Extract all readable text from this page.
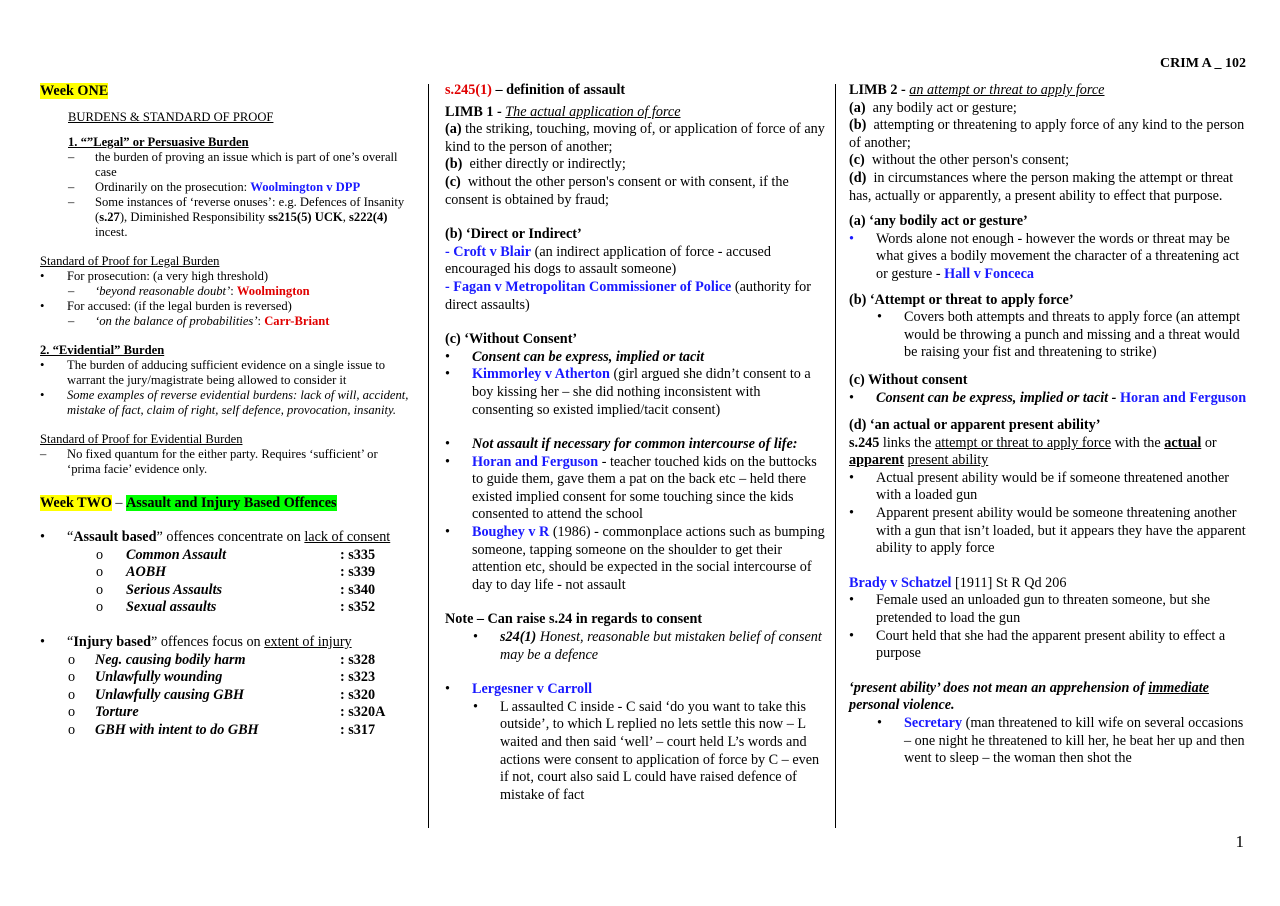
CRIM A _ 102

Week ONE

BURDENS & STANDARD OF PROOF

1. “”Legal” or Persuasive Burden

– the burden of proving an issue which is part of one’s overall case
– Ordinarily on the prosecution: Woolmington v DPP
– Some instances of ‘reverse onuses’: e.g. Defences of Insanity (s.27), Diminished Responsibility ss215(5) UCK, s222(4) incest.

Standard of Proof for Legal Burden

• For prosecution: (a very high threshold)
– ‘beyond reasonable doubt’: Woolmington
• For accused: (if the legal burden is reversed)
– ‘on the balance of probabilities’: Carr-Briant

2. “Evidential” Burden

• The burden of adducing sufficient evidence on a single issue to warrant the jury/magistrate being allowed to consider it
• Some examples of reverse evidential burdens: lack of will, accident, mistake of fact, claim of right, self defence, provocation, insanity.

Standard of Proof for Evidential Burden

– No fixed quantum for the either party. Requires ‘sufficient’ or ‘prima facie’ evidence only.

Week TWO – Assault and Injury Based Offences

• “Assault based” offences concentrate on lack of consent
o Common Assault	: s335
o AOBH	: s339
o Serious Assaults	: s340
o Sexual assaults	: s352
• “Injury based” offences focus on extent of injury
o Neg. causing bodily harm	: s328
o Unlawfully wounding	: s323
o Unlawfully causing GBH	: s320
o Torture	: s320A
o GBH with intent to do GBH	: s317

s.245(1) – definition of assault

LIMB 1 - The actual application of force

(a) the striking, touching, moving of, or application of force of any kind to the person of another;

(b) either directly or indirectly;

(c) without the other person's consent or with consent, if the consent is obtained by fraud;

(b) ‘Direct or Indirect’

- Croft v Blair (an indirect application of force - accused encouraged his dogs to assault someone)

- Fagan v Metropolitan Commissioner of Police (authority for direct assaults)

(c) ‘Without Consent’

• Consent can be express, implied or tacit
• Kimmorley v Atherton (girl argued she didn’t consent to a boy kissing her – she did nothing inconsistent with consenting so existed implied/tacit consent)
• Not assault if necessary for common intercourse of life:
• Horan and Ferguson - teacher touched kids on the buttocks to guide them, gave them a pat on the back etc – held there existed implied consent for some touching since the kids consented to attend the school
• Boughey v R (1986) - commonplace actions such as bumping someone, tapping someone on the shoulder to get their attention etc, should be expected in the social intercourse of day to day life - not assault

Note – Can raise s.24 in regards to consent

• s24(1) Honest, reasonable but mistaken belief of consent may be a defence
• Lergesner v Carroll
• L assaulted C inside - C said ‘do you want to take this outside’, to which L replied no lets settle this now – L waited and then said ‘well’ – court held L’s words and actions were consent to application of force by C – even if not, court also said L could have raised defence of mistake of fact

LIMB 2 - an attempt or threat to apply force

(a) any bodily act or gesture;

(b) attempting or threatening to apply force of any kind to the person of another;

(c) without the other person's consent;

(d) in circumstances where the person making the attempt or threat has, actually or apparently, a present ability to effect that purpose.

(a) ‘any bodily act or gesture’

• Words alone not enough - however the words or threat may be what gives a bodily movement the character of a threatening act or gesture - Hall v Fonceca

(b) ‘Attempt or threat to apply force’

• Covers both attempts and threats to apply force (an attempt would be throwing a punch and missing and a threat would be raising your fist and threatening to strike)

(c) Without consent

• Consent can be express, implied or tacit - Horan and Ferguson

(d) ‘an actual or apparent present ability’

s.245 links the attempt or threat to apply force with the actual or apparent present ability

• Actual present ability would be if someone threatened another with a loaded gun
• Apparent present ability would be someone threatening another with a gun that isn’t loaded, but it appears they have the apparent ability to apply force

Brady v Schatzel [1911] St R Qd 206

• Female used an unloaded gun to threaten someone, but she pretended to load the gun
• Court held that she had the apparent present ability to effect a purpose

‘present ability’ does not mean an apprehension of immediate personal violence.

• Secretary (man threatened to kill wife on several occasions – one night he threatened to kill her, he beat her up and then went to sleep – the woman then shot the
1
